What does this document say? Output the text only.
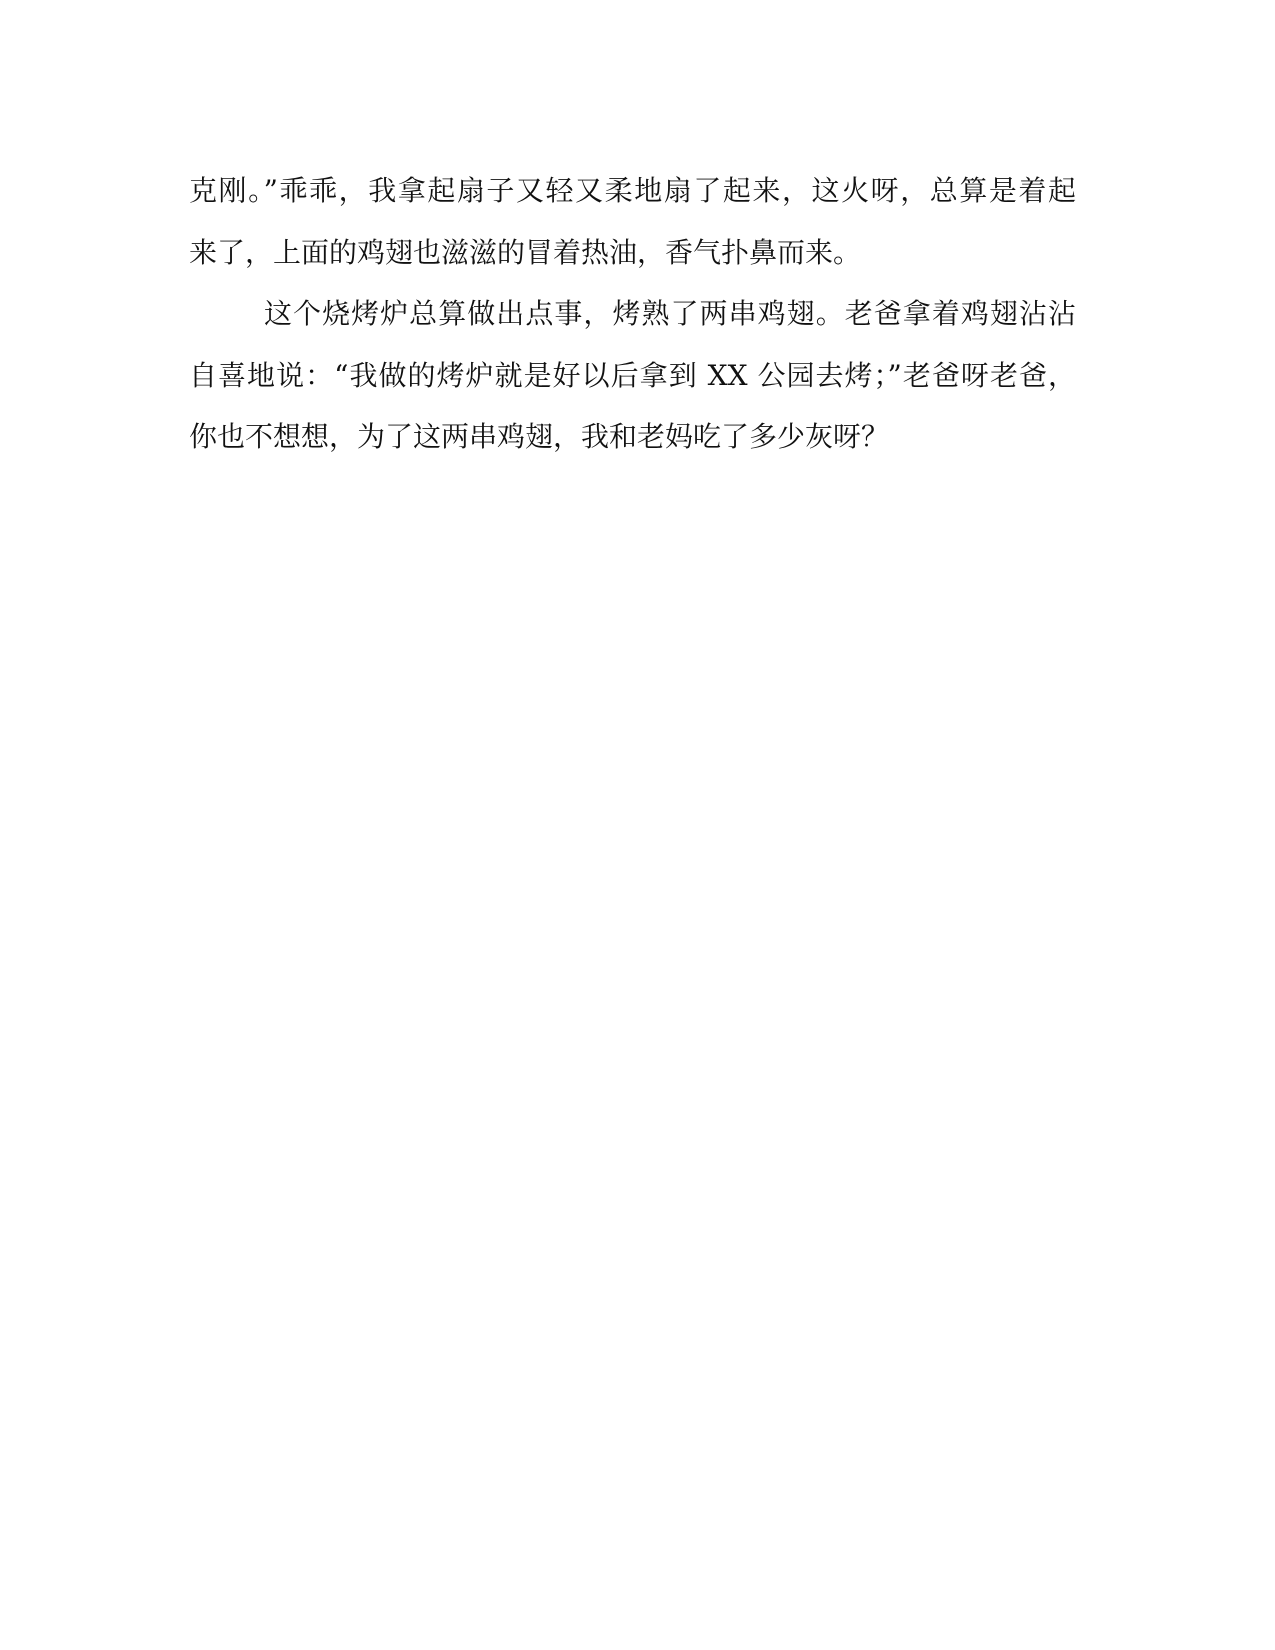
克刚。”乖乖，我拿起扇子又轻又柔地扇了起来，这火呀，总算是着起
来了，上面的鸡翅也滋滋的冒着热油，香气扑鼻而来。
这个烧烤炉总算做出点事，烤熟了两串鸡翅。老爸拿着鸡翅沾沾
自喜地说：“我做的烤炉就是好以后拿到 XX 公园去烤；”老爸呀老爸，
你也不想想，为了这两串鸡翅，我和老妈吃了多少灰呀？
